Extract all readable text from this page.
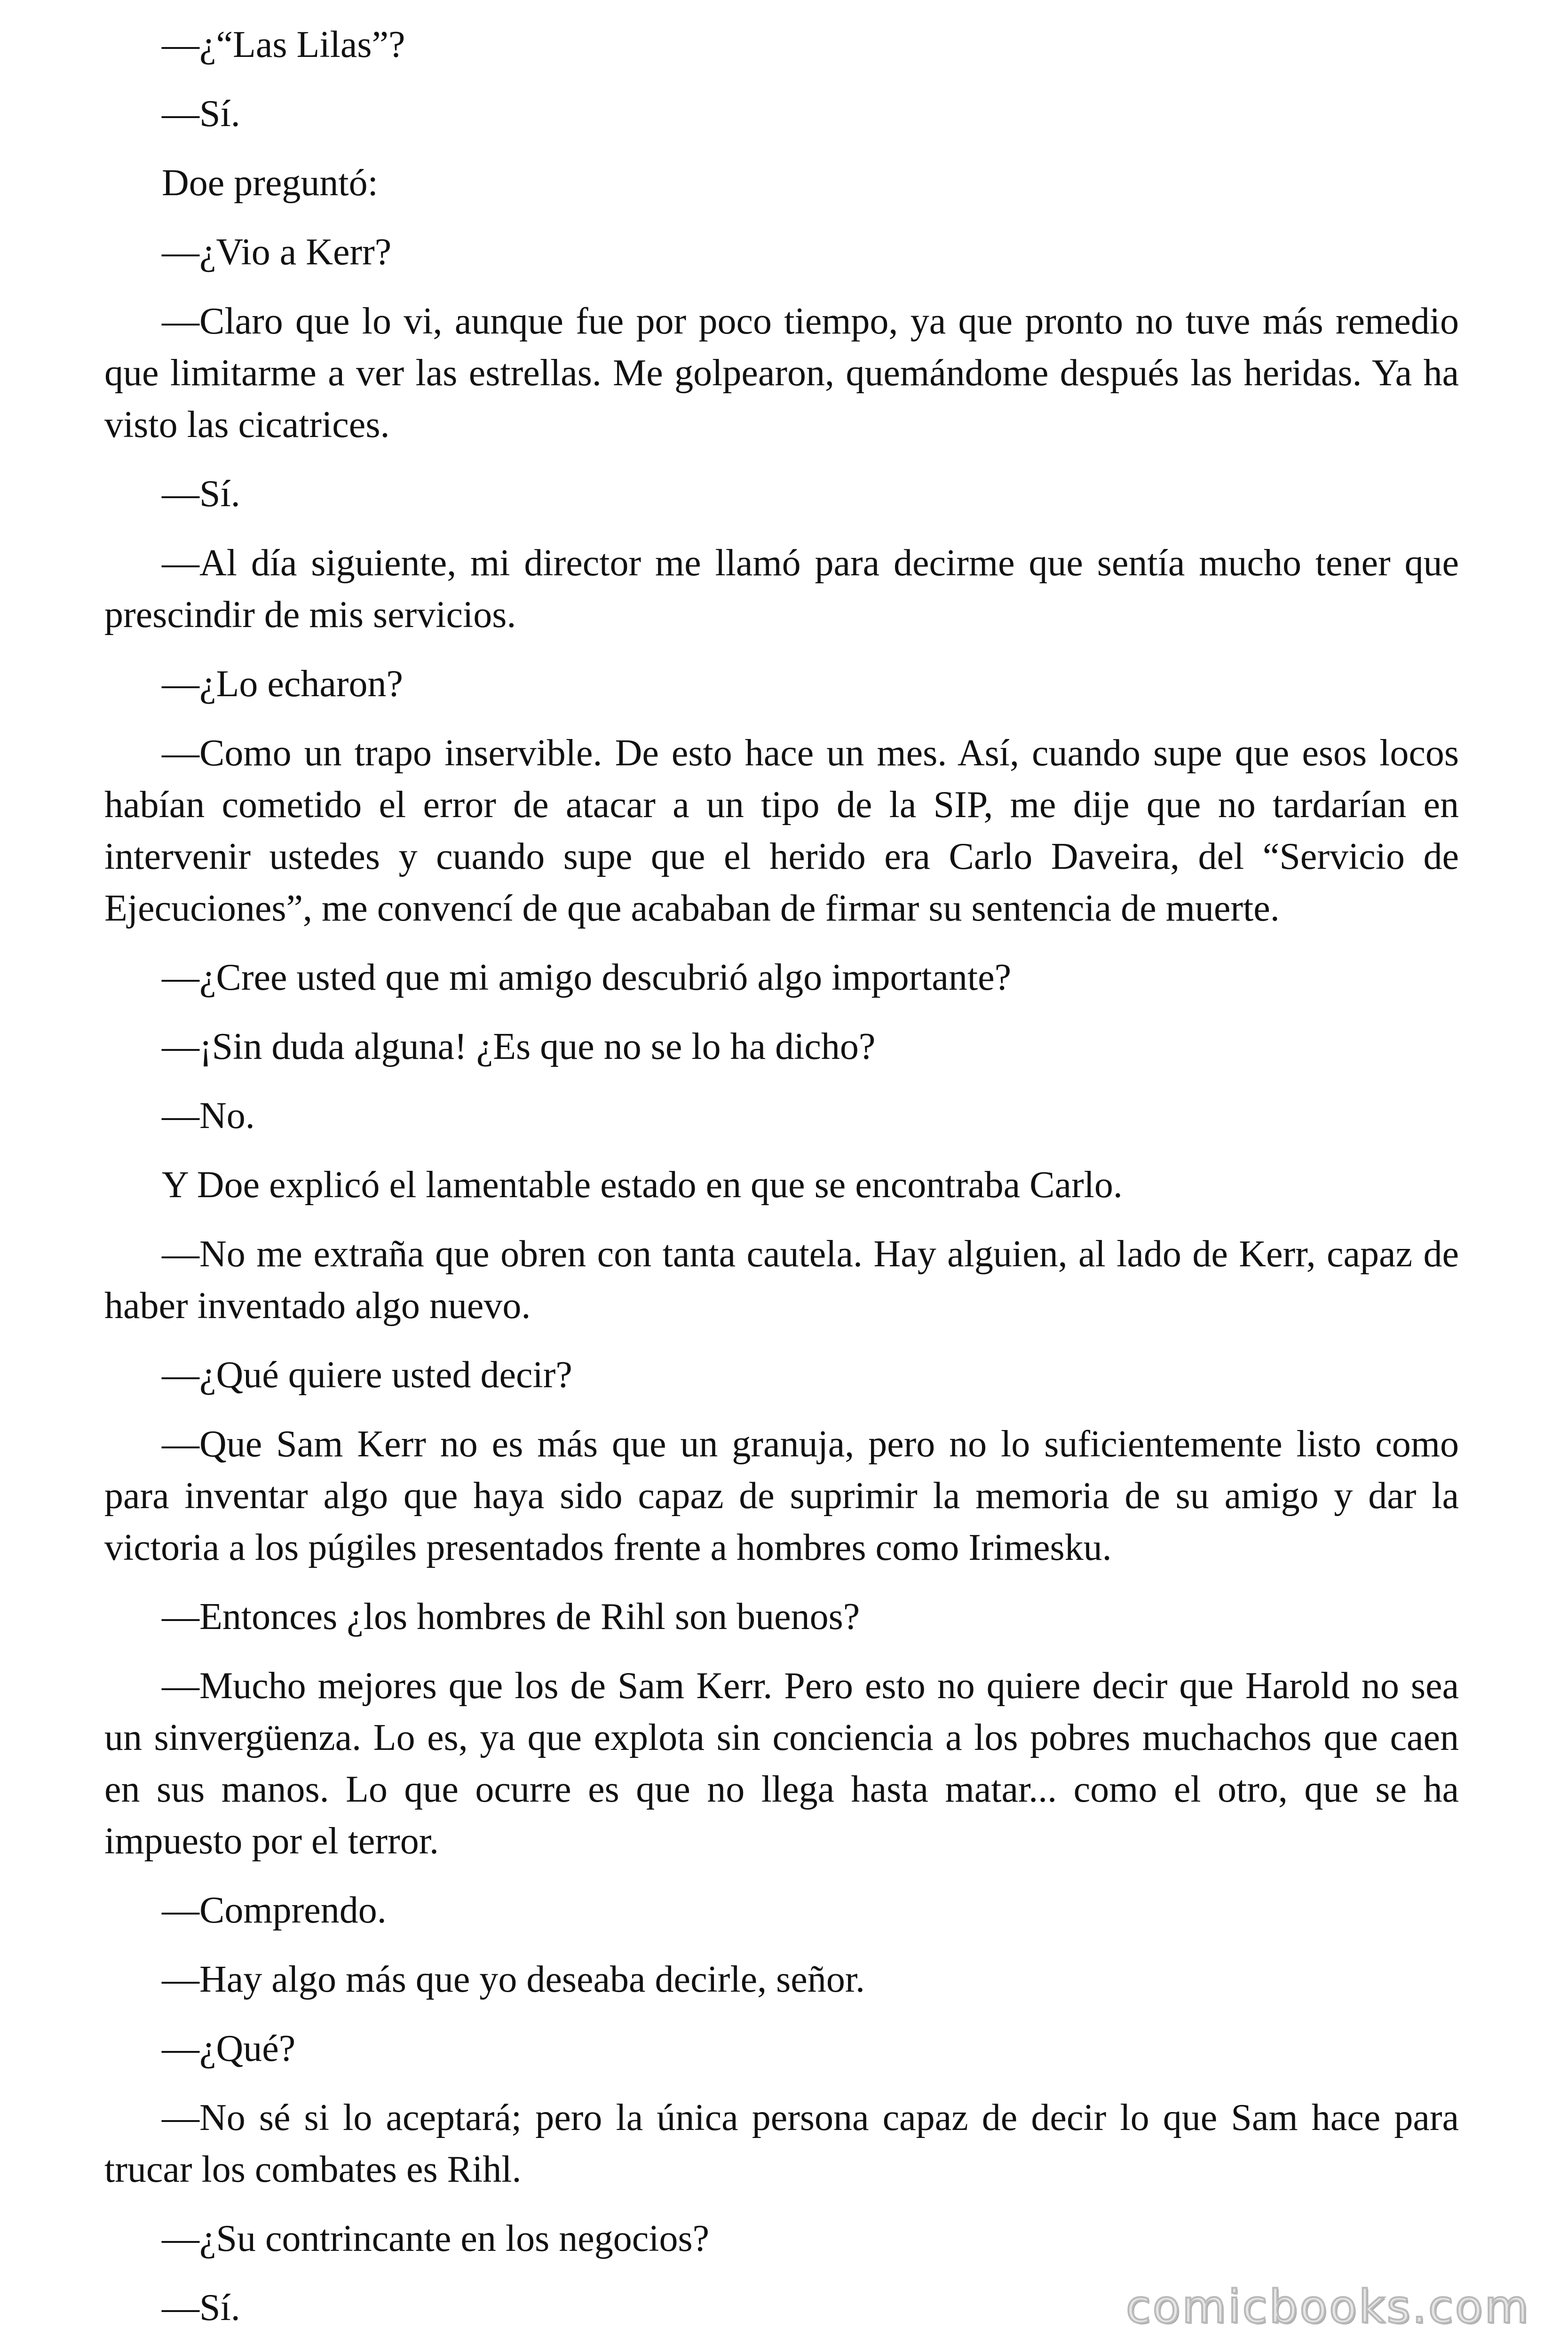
—¿“Las Lilas”?

—Sí.

Doe preguntó:

—¿Vio a Kerr?

—Claro que lo vi, aunque fue por poco tiempo, ya que pronto no tuve más remedio que limitarme a ver las estrellas. Me golpearon, quemándome después las heridas. Ya ha visto las cicatrices.

—Sí.

—Al día siguiente, mi director me llamó para decirme que sentía mucho tener que prescindir de mis servicios.

—¿Lo echaron?

—Como un trapo inservible. De esto hace un mes. Así, cuando supe que esos locos habían cometido el error de atacar a un tipo de la SIP, me dije que no tardarían en intervenir ustedes y cuando supe que el herido era Carlo Daveira, del “Servicio de Ejecuciones”, me convencí de que acababan de firmar su sentencia de muerte.

—¿Cree usted que mi amigo descubrió algo importante?

—¡Sin duda alguna! ¿Es que no se lo ha dicho?

—No.

Y Doe explicó el lamentable estado en que se encontraba Carlo.

—No me extraña que obren con tanta cautela. Hay alguien, al lado de Kerr, capaz de haber inventado algo nuevo.

—¿Qué quiere usted decir?

—Que Sam Kerr no es más que un granuja, pero no lo suficientemente listo como para inventar algo que haya sido capaz de suprimir la memoria de su amigo y dar la victoria a los púgiles presentados frente a hombres como Irimesku.

—Entonces ¿los hombres de Rihl son buenos?

—Mucho mejores que los de Sam Kerr. Pero esto no quiere decir que Harold no sea un sinvergüenza. Lo es, ya que explota sin conciencia a los pobres muchachos que caen en sus manos. Lo que ocurre es que no llega hasta matar... como el otro, que se ha impuesto por el terror.

—Comprendo.

—Hay algo más que yo deseaba decirle, señor.

—¿Qué?

—No sé si lo aceptará; pero la única persona capaz de decir lo que Sam hace para trucar los combates es Rihl.

—¿Su contrincante en los negocios?

—Sí.	comicbooks.com
